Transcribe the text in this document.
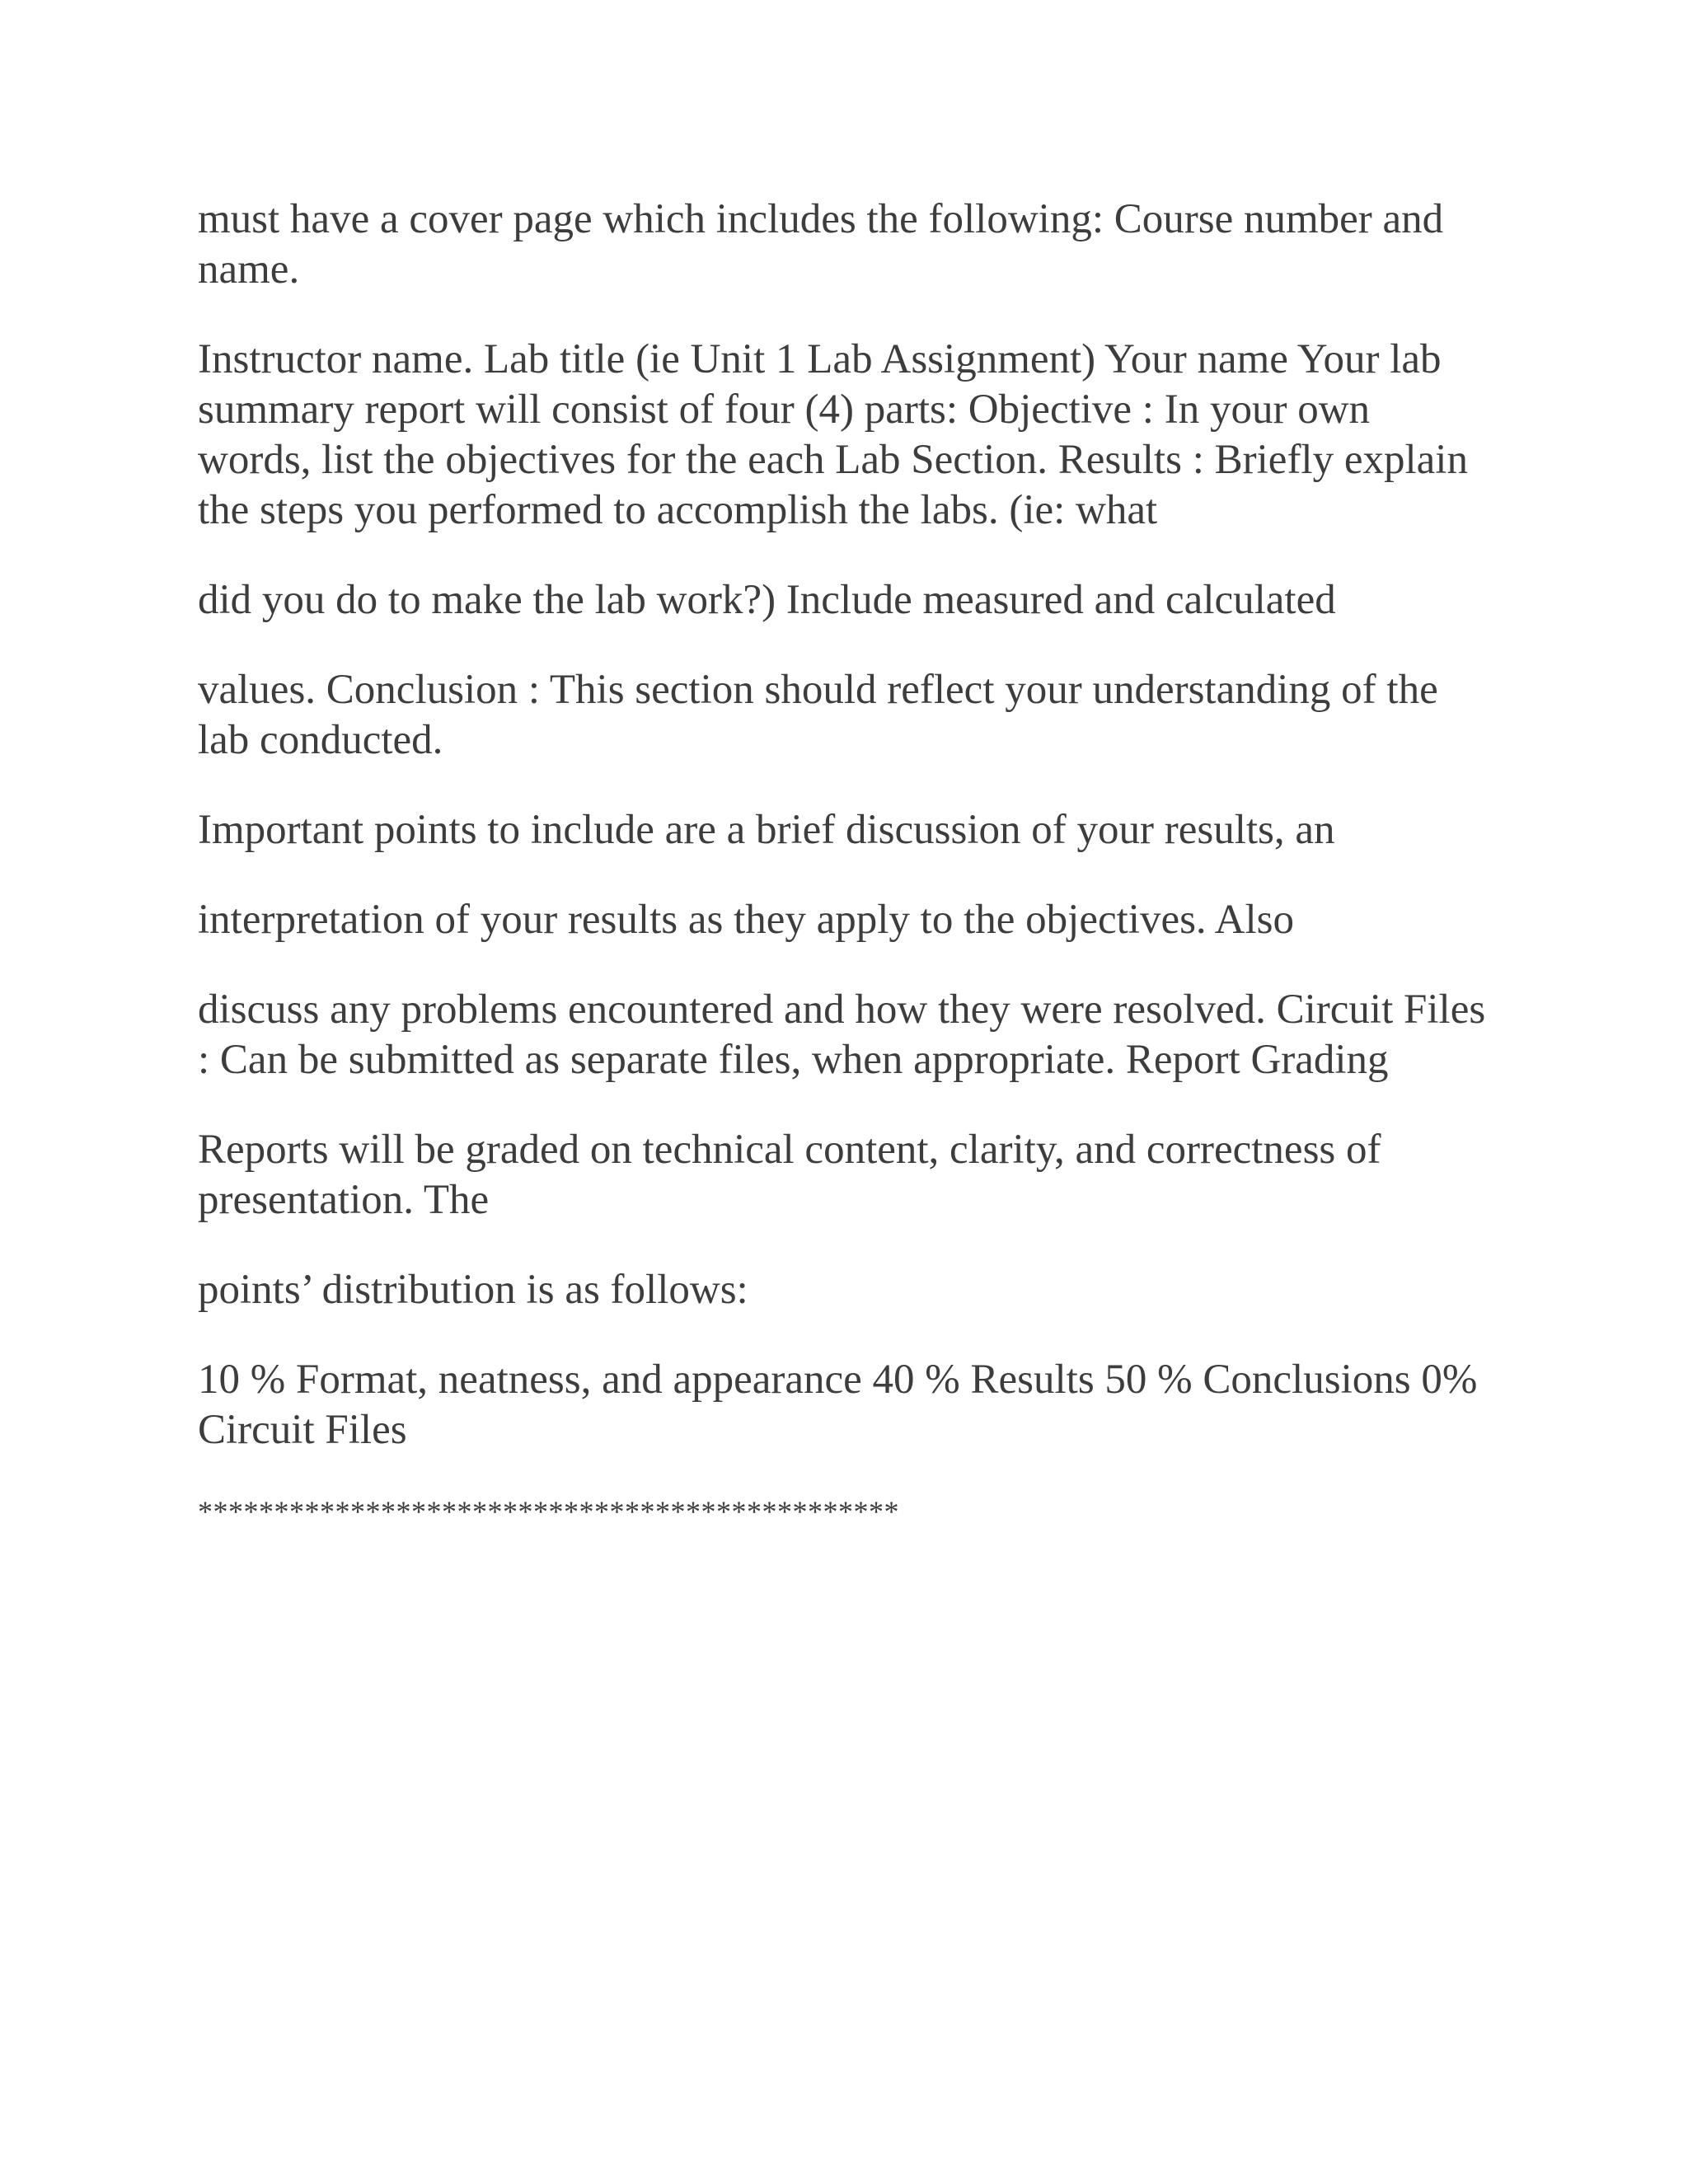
must have a cover page which includes the following: Course number and name.

Instructor name. Lab title (ie Unit 1 Lab Assignment) Your name Your lab summary report will consist of four (4) parts: Objective : In your own words, list the objectives for the each Lab Section. Results : Briefly explain the steps you performed to accomplish the labs. (ie: what

did you do to make the lab work?) Include measured and calculated

values. Conclusion : This section should reflect your understanding of the lab conducted.

Important points to include are a brief discussion of your results, an

interpretation of your results as they apply to the objectives. Also

discuss any problems encountered and how they were resolved. Circuit Files : Can be submitted as separate files, when appropriate. Report Grading

Reports will be graded on technical content, clarity, and correctness of presentation. The

points’ distribution is as follows:

10 % Format, neatness, and appearance 40 % Results 50 % Conclusions 0% Circuit Files

**********************************************
